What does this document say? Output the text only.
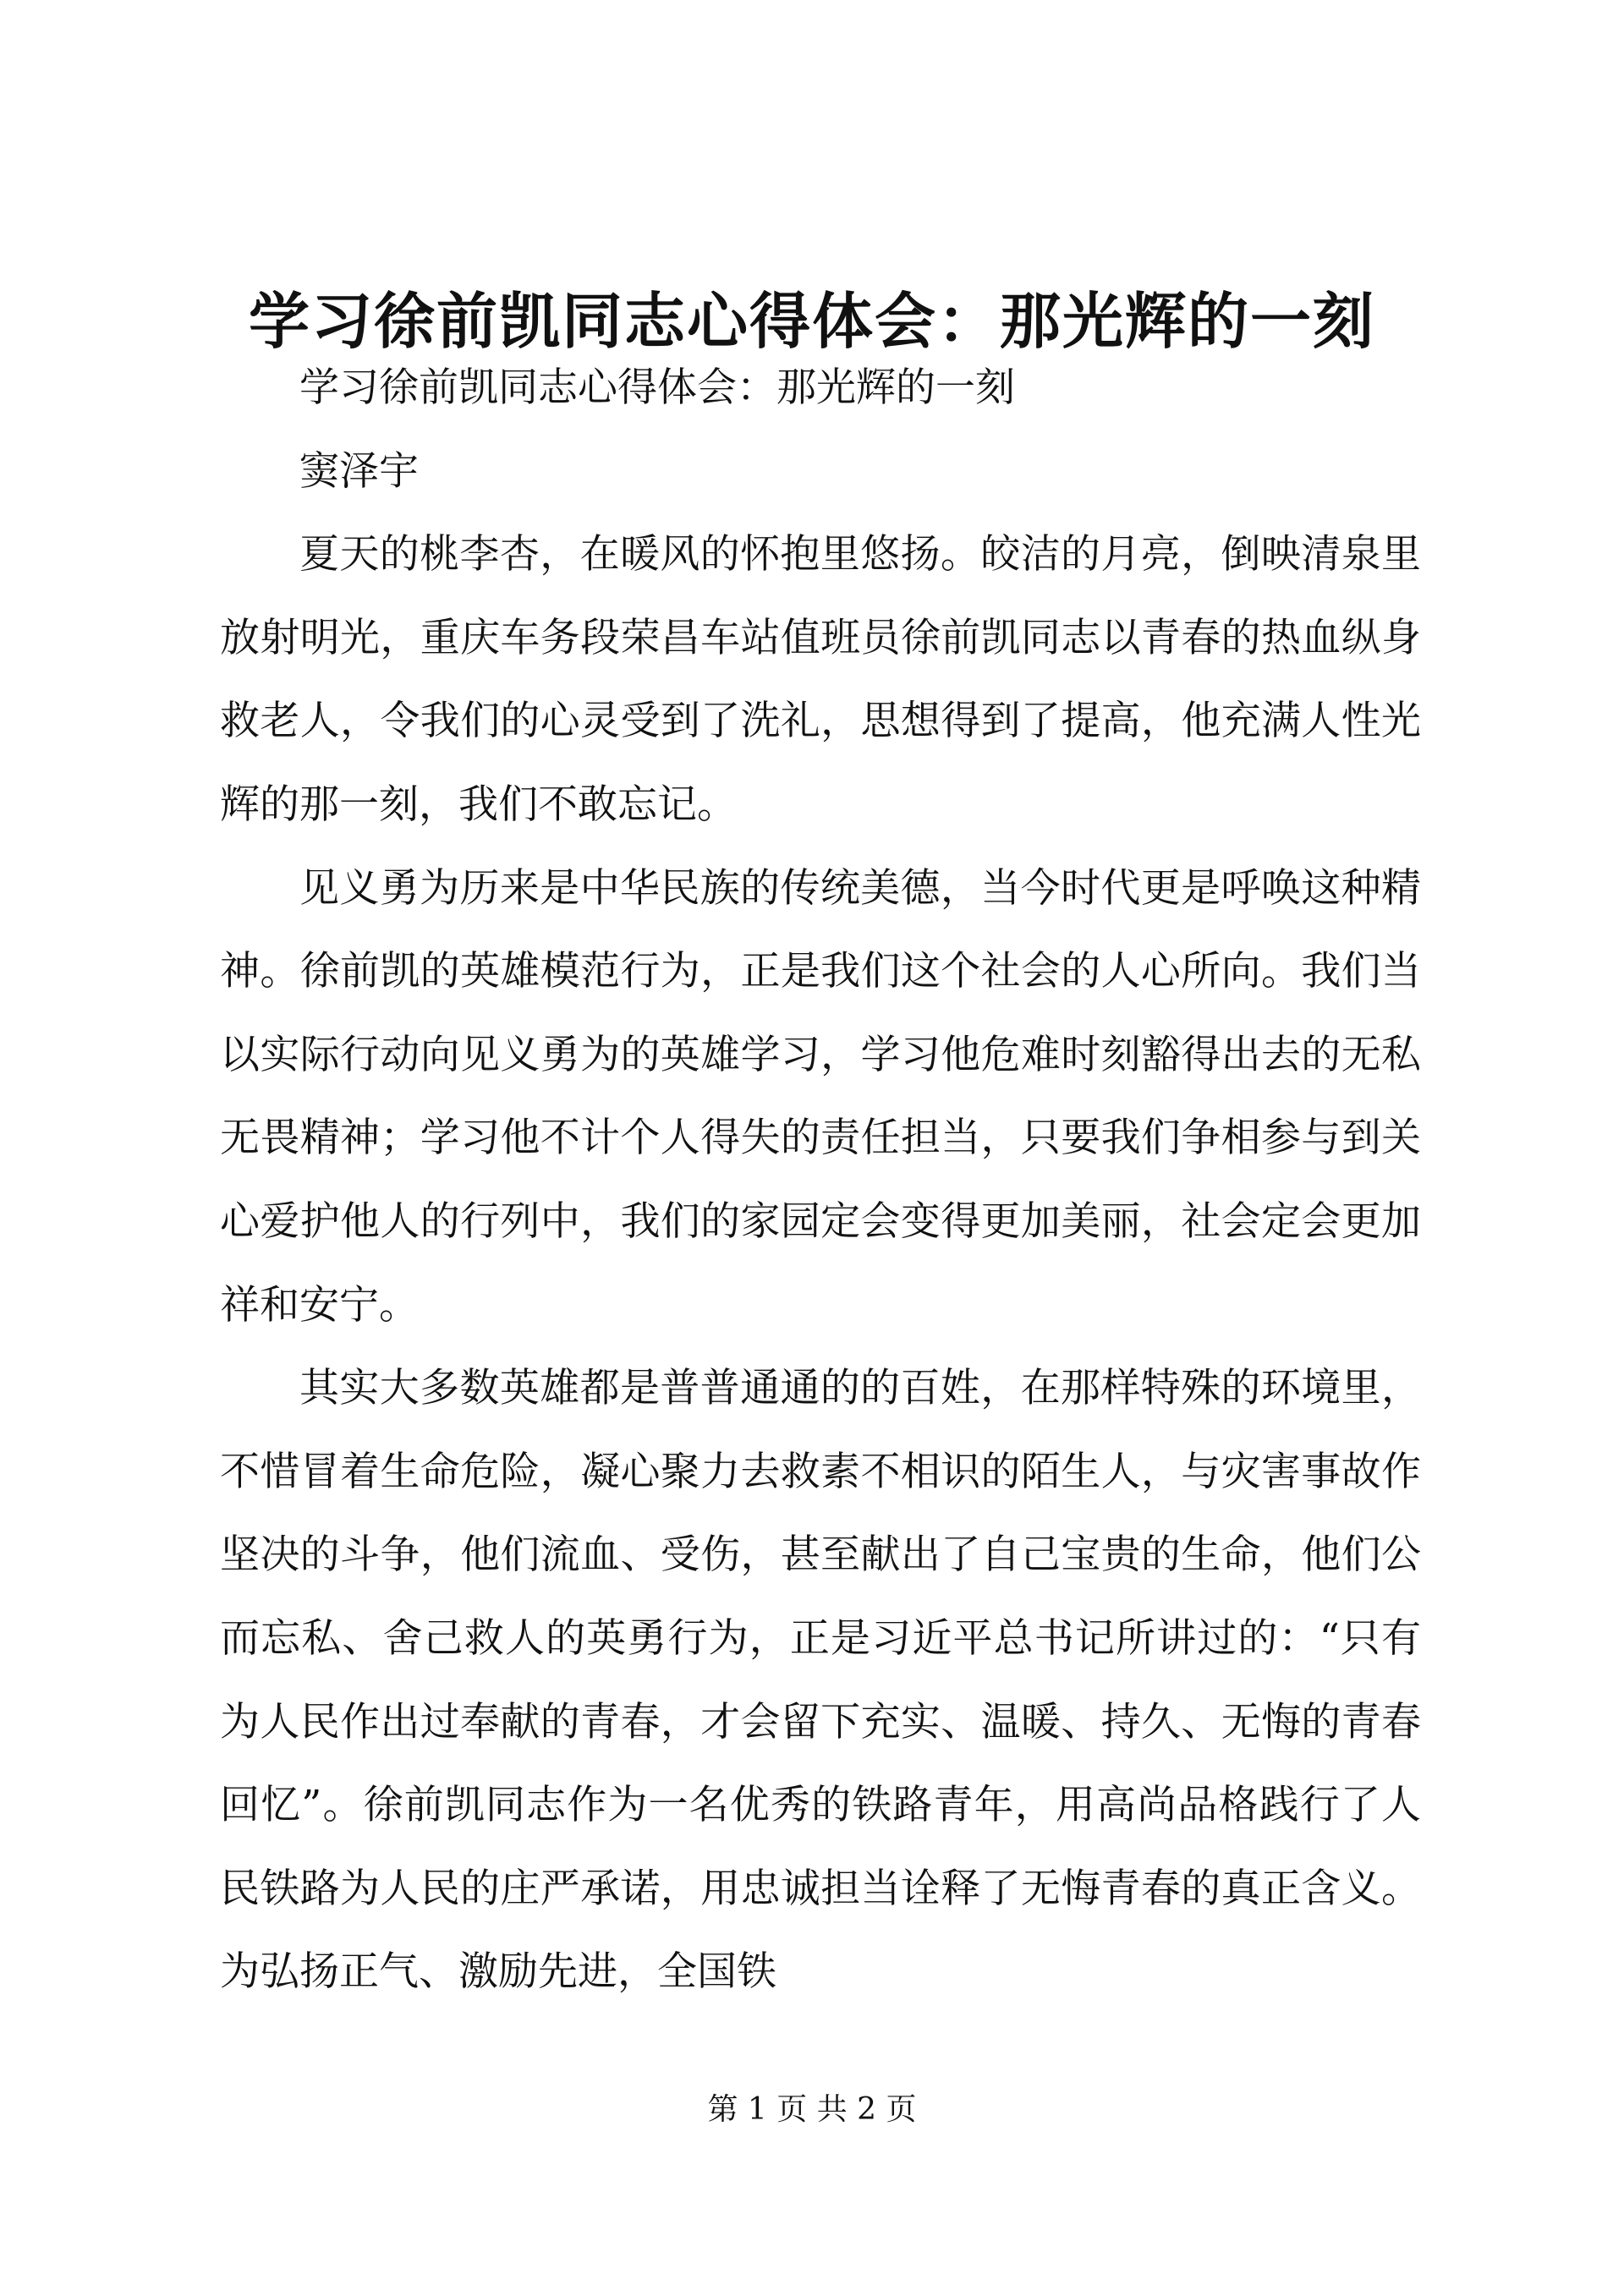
学习徐前凯同志心得体会：那光辉的一刻

学习徐前凯同志心得体会：那光辉的一刻

窦泽宇

夏天的桃李杏，在暖风的怀抱里悠扬。皎洁的月亮，倒映清泉里放射明光，重庆车务段荣昌车站值班员徐前凯同志以青春的热血纵身救老人，令我们的心灵受到了洗礼，思想得到了提高，他充满人性光辉的那一刻，我们不敢忘记。

见义勇为历来是中华民族的传统美德，当今时代更是呼唤这种精神。徐前凯的英雄模范行为，正是我们这个社会的人心所向。我们当以实际行动向见义勇为的英雄学习，学习他危难时刻豁得出去的无私无畏精神；学习他不计个人得失的责任担当，只要我们争相参与到关心爱护他人的行列中，我们的家园定会变得更加美丽，社会定会更加祥和安宁。

其实大多数英雄都是普普通通的的百姓，在那样特殊的环境里，不惜冒着生命危险，凝心聚力去救素不相识的陌生人，与灾害事故作坚决的斗争，他们流血、受伤，甚至献出了自己宝贵的生命，他们公而忘私、舍己救人的英勇行为，正是习近平总书记所讲过的：“只有为人民作出过奉献的青春，才会留下充实、温暖、持久、无悔的青春回忆”。徐前凯同志作为一名优秀的铁路青年，用高尚品格践行了人民铁路为人民的庄严承诺，用忠诚担当诠释了无悔青春的真正含义。为弘扬正气、激励先进，全国铁

第 1 页 共 2 页
